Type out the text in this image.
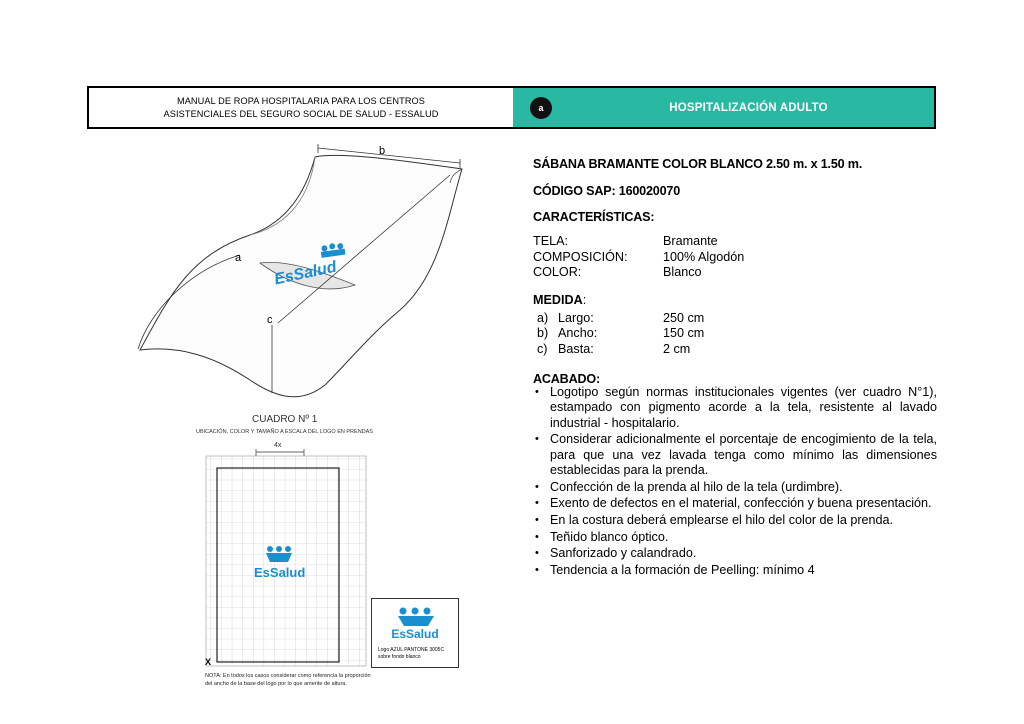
MANUAL DE ROPA HOSPITALARIA PARA LOS CENTROS
ASISTENCIALES DEL SEGURO SOCIAL DE SALUD - ESSALUD
a	HOSPITALIZACIÓN ADULTO
b
a
c
EsSalud
CUADRO Nº 1
UBICACIÓN, COLOR Y TAMAÑO A ESCALA DEL LOGO EN PRENDAS
4x
EsSalud
X
NOTA: En todos los casos considerar como referencia la proporción
del ancho de la base del logo por lo que amerite de altura.
EsSalud
Logo AZUL PANTONE 3005C
sobre fondo blanco
SÁBANA BRAMANTE COLOR BLANCO 2.50 m. x 1.50 m.
CÓDIGO SAP: 160020070
CARACTERÍSTICAS:
TELA:	Bramante
COMPOSICIÓN:	100% Algodón
COLOR:	Blanco
MEDIDA:
a) Largo:	250 cm
b) Ancho:	150 cm
c) Basta:	2 cm
ACABADO:
• Logotipo según normas institucionales vigentes (ver cuadro N°1), estampado con pigmento acorde a la tela, resistente al lavado industrial - hospitalario.
• Considerar adicionalmente el porcentaje de encogimiento de la tela, para que una vez lavada tenga como mínimo las dimensiones establecidas para la prenda.
• Confección de la prenda al hilo de la tela (urdimbre).
• Exento de defectos en el material, confección y buena presentación.
• En la costura deberá emplearse el hilo del color de la prenda.
• Teñido blanco óptico.
• Sanforizado y calandrado.
• Tendencia a la formación de Peelling: mínimo 4
